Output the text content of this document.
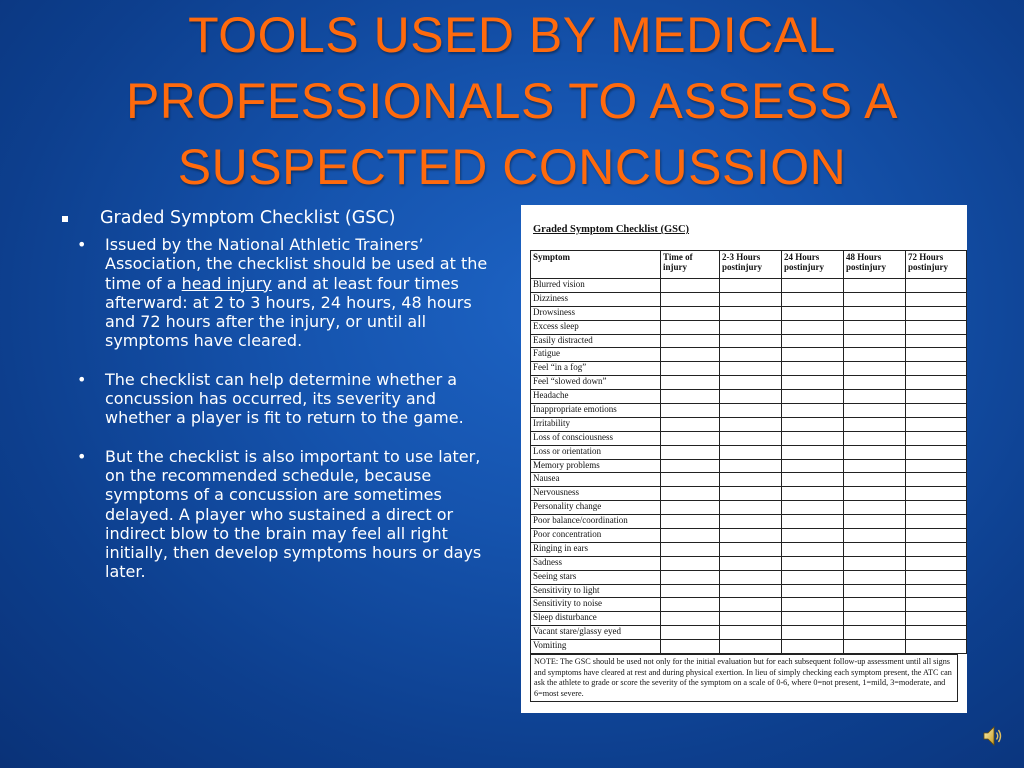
TOOLS USED BY MEDICAL PROFESSIONALS TO ASSESS A SUSPECTED CONCUSSION
Graded Symptom Checklist (GSC)
• Issued by the National Athletic Trainers’ Association, the checklist should be used at the time of a head injury and at least four times afterward: at 2 to 3 hours, 24 hours, 48 hours and 72 hours after the injury, or until all symptoms have cleared.
• The checklist can help determine whether a concussion has occurred, its severity and whether a player is fit to return to the game.
• But the checklist is also important to use later, on the recommended schedule, because symptoms of a concussion are sometimes delayed. A player who sustained a direct or indirect blow to the brain may feel all right initially, then develop symptoms hours or days later.
Graded Symptom Checklist (GSC)
Symptom	Time of injury	2-3 Hours postinjury	24 Hours postinjury	48 Hours postinjury	72 Hours postinjury
Blurred vision					
Dizziness					
Drowsiness					
Excess sleep					
Easily distracted					
Fatigue					
Feel “in a fog”					
Feel “slowed down”					
Headache					
Inappropriate emotions					
Irritability					
Loss of consciousness					
Loss or orientation					
Memory problems					
Nausea					
Nervousness					
Personality change					
Poor balance/coordination					
Poor concentration					
Ringing in ears					
Sadness					
Seeing stars					
Sensitivity to light					
Sensitivity to noise					
Sleep disturbance					
Vacant stare/glassy eyed					
Vomiting					
NOTE: The GSC should be used not only for the initial evaluation but for each subsequent follow-up assessment until all signs and symptoms have cleared at rest and during physical exertion. In lieu of simply checking each symptom present, the ATC can ask the athlete to grade or score the severity of the symptom on a scale of 0-6, where 0=not present, 1=mild, 3=moderate, and 6=most severe.
